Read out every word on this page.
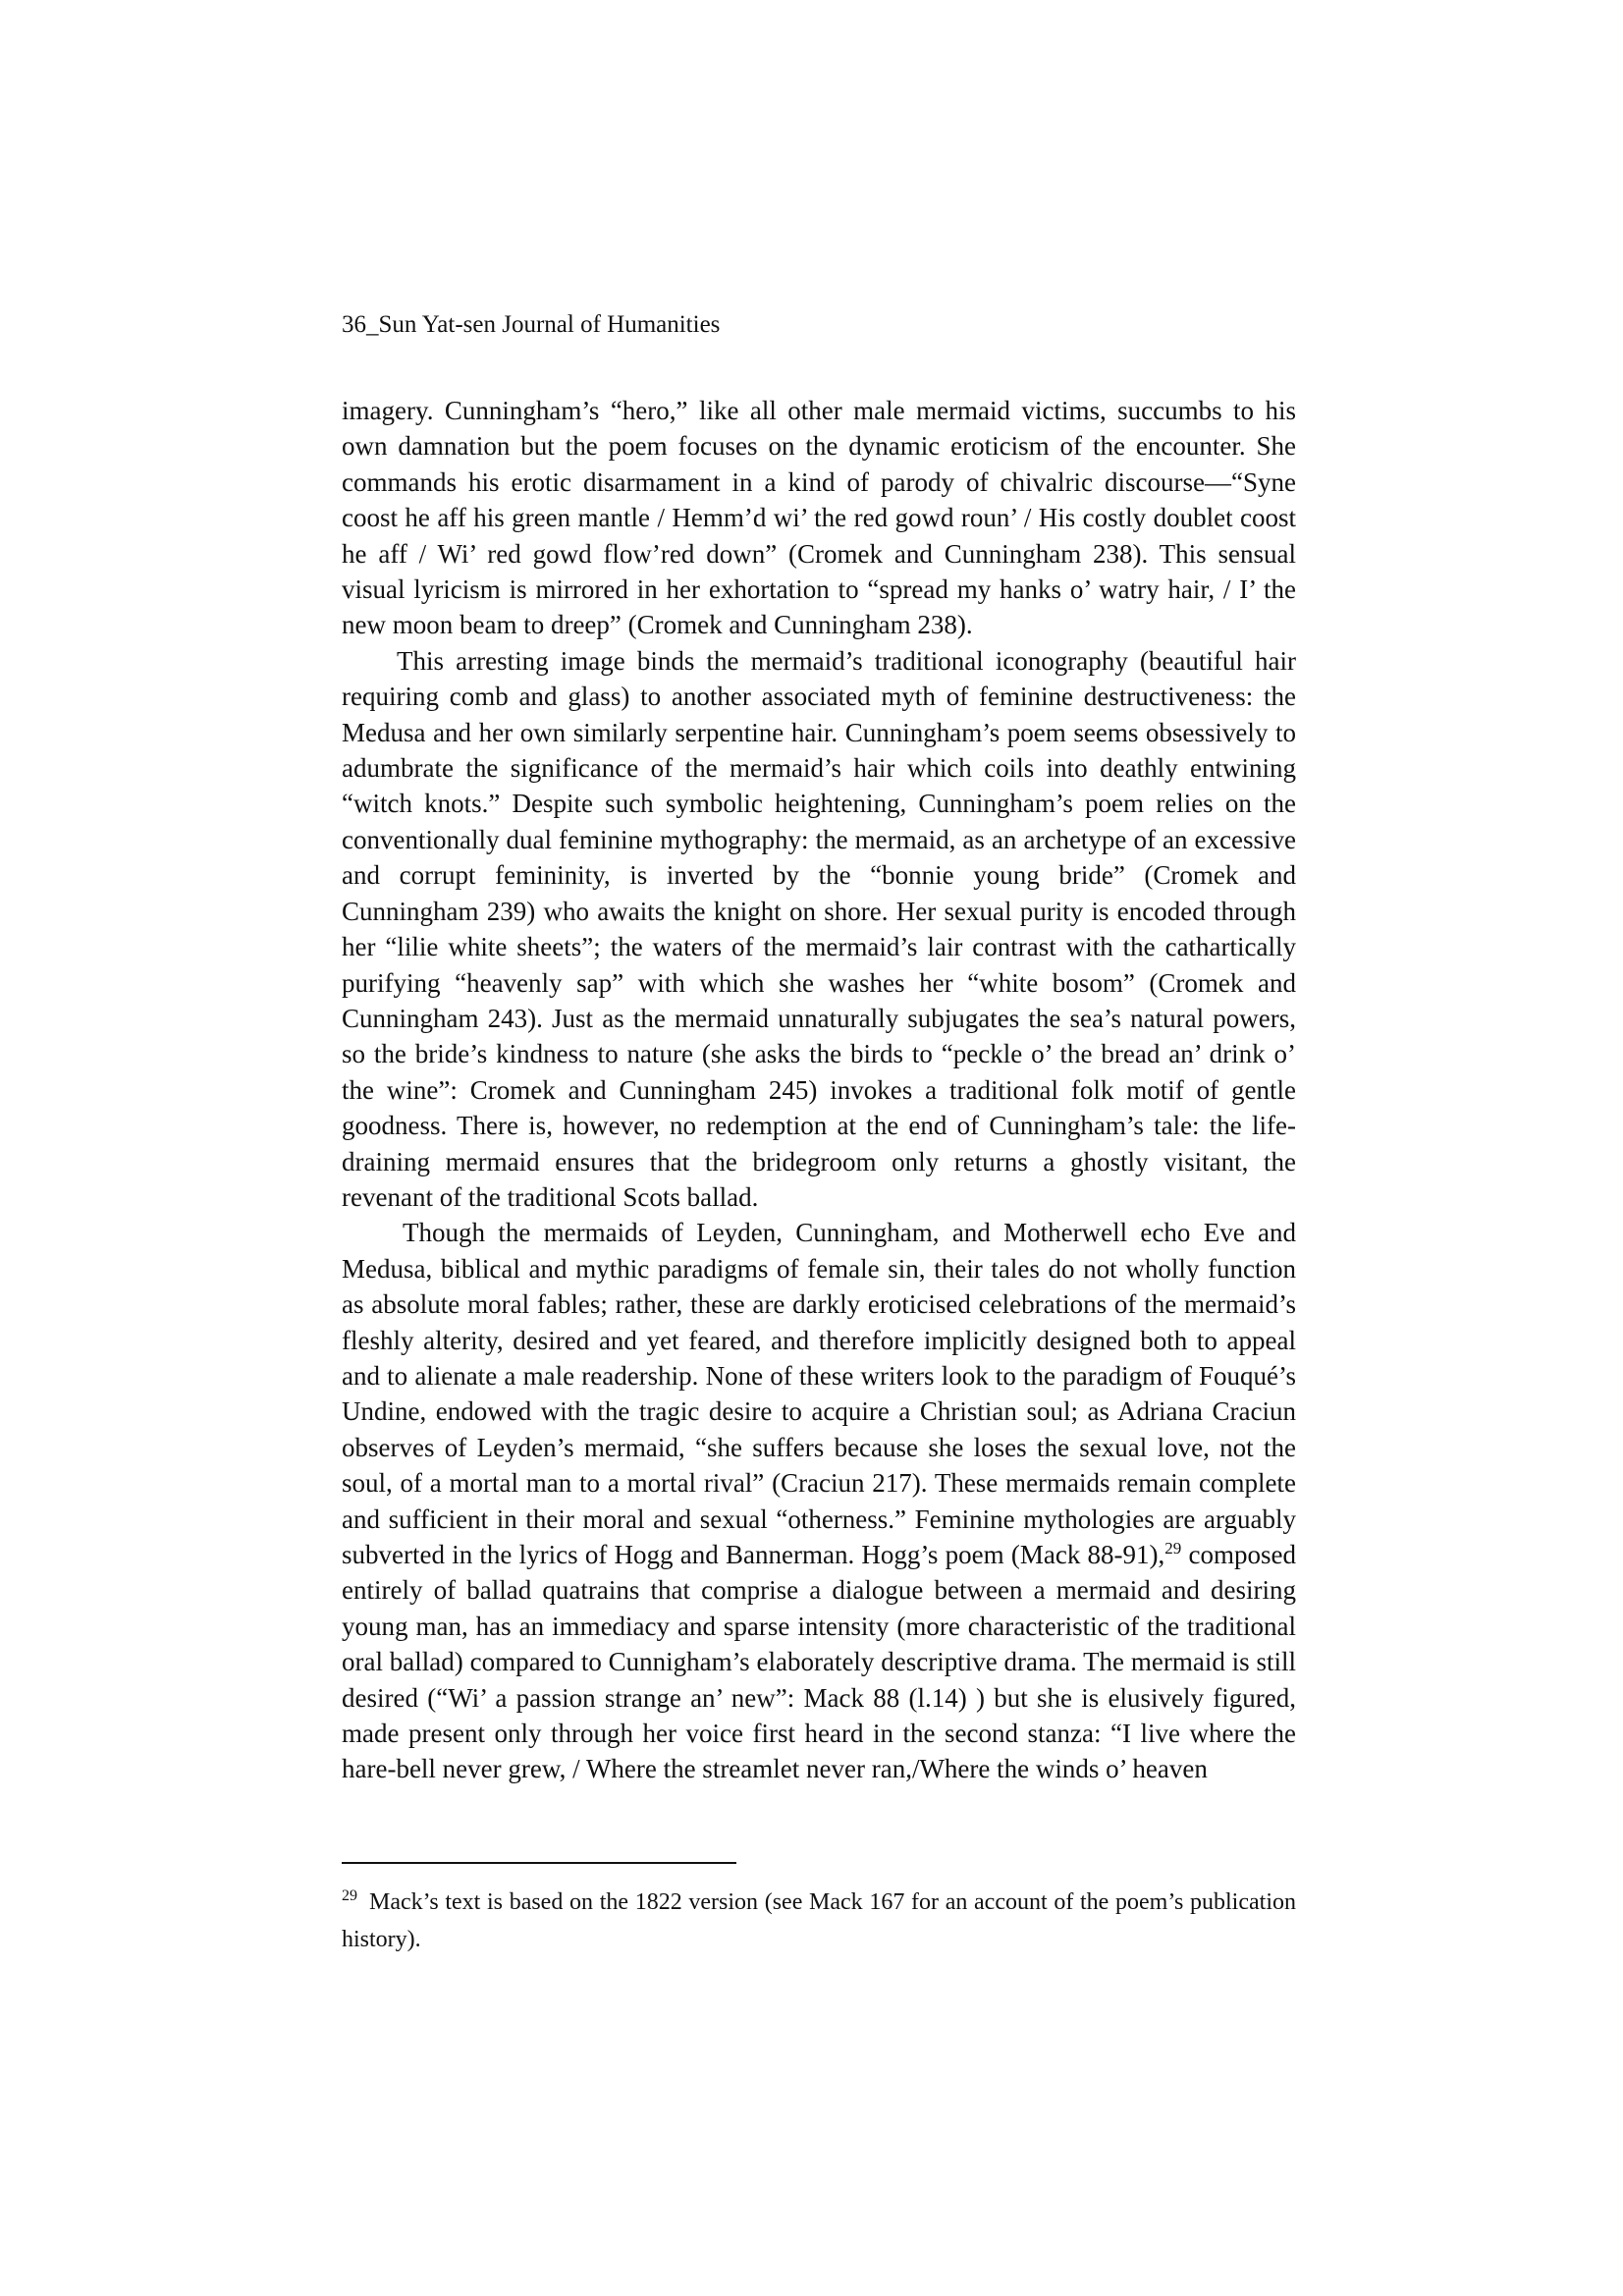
36_Sun Yat-sen Journal of Humanities

imagery. Cunningham’s “hero,” like all other male mermaid victims, succumbs to his own damnation but the poem focuses on the dynamic eroticism of the encounter. She commands his erotic disarmament in a kind of parody of chivalric discourse—“Syne coost he aff his green mantle / Hemm’d wi’ the red gowd roun’ / His costly doublet coost he aff / Wi’ red gowd flow’red down” (Cromek and Cunningham 238). This sensual visual lyricism is mirrored in her exhortation to “spread my hanks o’ watry hair, / I’ the new moon beam to dreep” (Cromek and Cunningham 238).

This arresting image binds the mermaid’s traditional iconography (beautiful hair requiring comb and glass) to another associated myth of feminine destructiveness: the Medusa and her own similarly serpentine hair. Cunningham’s poem seems obsessively to adumbrate the significance of the mermaid’s hair which coils into deathly entwining “witch knots.” Despite such symbolic heightening, Cunningham’s poem relies on the conventionally dual feminine mythography: the mermaid, as an archetype of an excessive and corrupt femininity, is inverted by the “bonnie young bride” (Cromek and Cunningham 239) who awaits the knight on shore. Her sexual purity is encoded through her “lilie white sheets”; the waters of the mermaid’s lair contrast with the cathartically purifying “heavenly sap” with which she washes her “white bosom” (Cromek and Cunningham 243). Just as the mermaid unnaturally subjugates the sea’s natural powers, so the bride’s kindness to nature (she asks the birds to “peckle o’ the bread an’ drink o’ the wine”: Cromek and Cunningham 245) invokes a traditional folk motif of gentle goodness. There is, however, no redemption at the end of Cunningham’s tale: the life-draining mermaid ensures that the bridegroom only returns a ghostly visitant, the revenant of the traditional Scots ballad.

Though the mermaids of Leyden, Cunningham, and Motherwell echo Eve and Medusa, biblical and mythic paradigms of female sin, their tales do not wholly function as absolute moral fables; rather, these are darkly eroticised celebrations of the mermaid’s fleshly alterity, desired and yet feared, and therefore implicitly designed both to appeal and to alienate a male readership. None of these writers look to the paradigm of Fouqué’s Undine, endowed with the tragic desire to acquire a Christian soul; as Adriana Craciun observes of Leyden’s mermaid, “she suffers because she loses the sexual love, not the soul, of a mortal man to a mortal rival” (Craciun 217). These mermaids remain complete and sufficient in their moral and sexual “otherness.” Feminine mythologies are arguably subverted in the lyrics of Hogg and Bannerman. Hogg’s poem (Mack 88-91),$^{29}$ composed entirely of ballad quatrains that comprise a dialogue between a mermaid and desiring young man, has an immediacy and sparse intensity (more characteristic of the traditional oral ballad) compared to Cunnigham’s elaborately descriptive drama. The mermaid is still desired (“Wi’ a passion strange an’ new”: Mack 88 (l.14) ) but she is elusively figured, made present only through her voice first heard in the second stanza: “I live where the hare-bell never grew, / Where the streamlet never ran,/Where the winds o’ heaven

$^{29}$ Mack’s text is based on the 1822 version (see Mack 167 for an account of the poem’s publication history).
